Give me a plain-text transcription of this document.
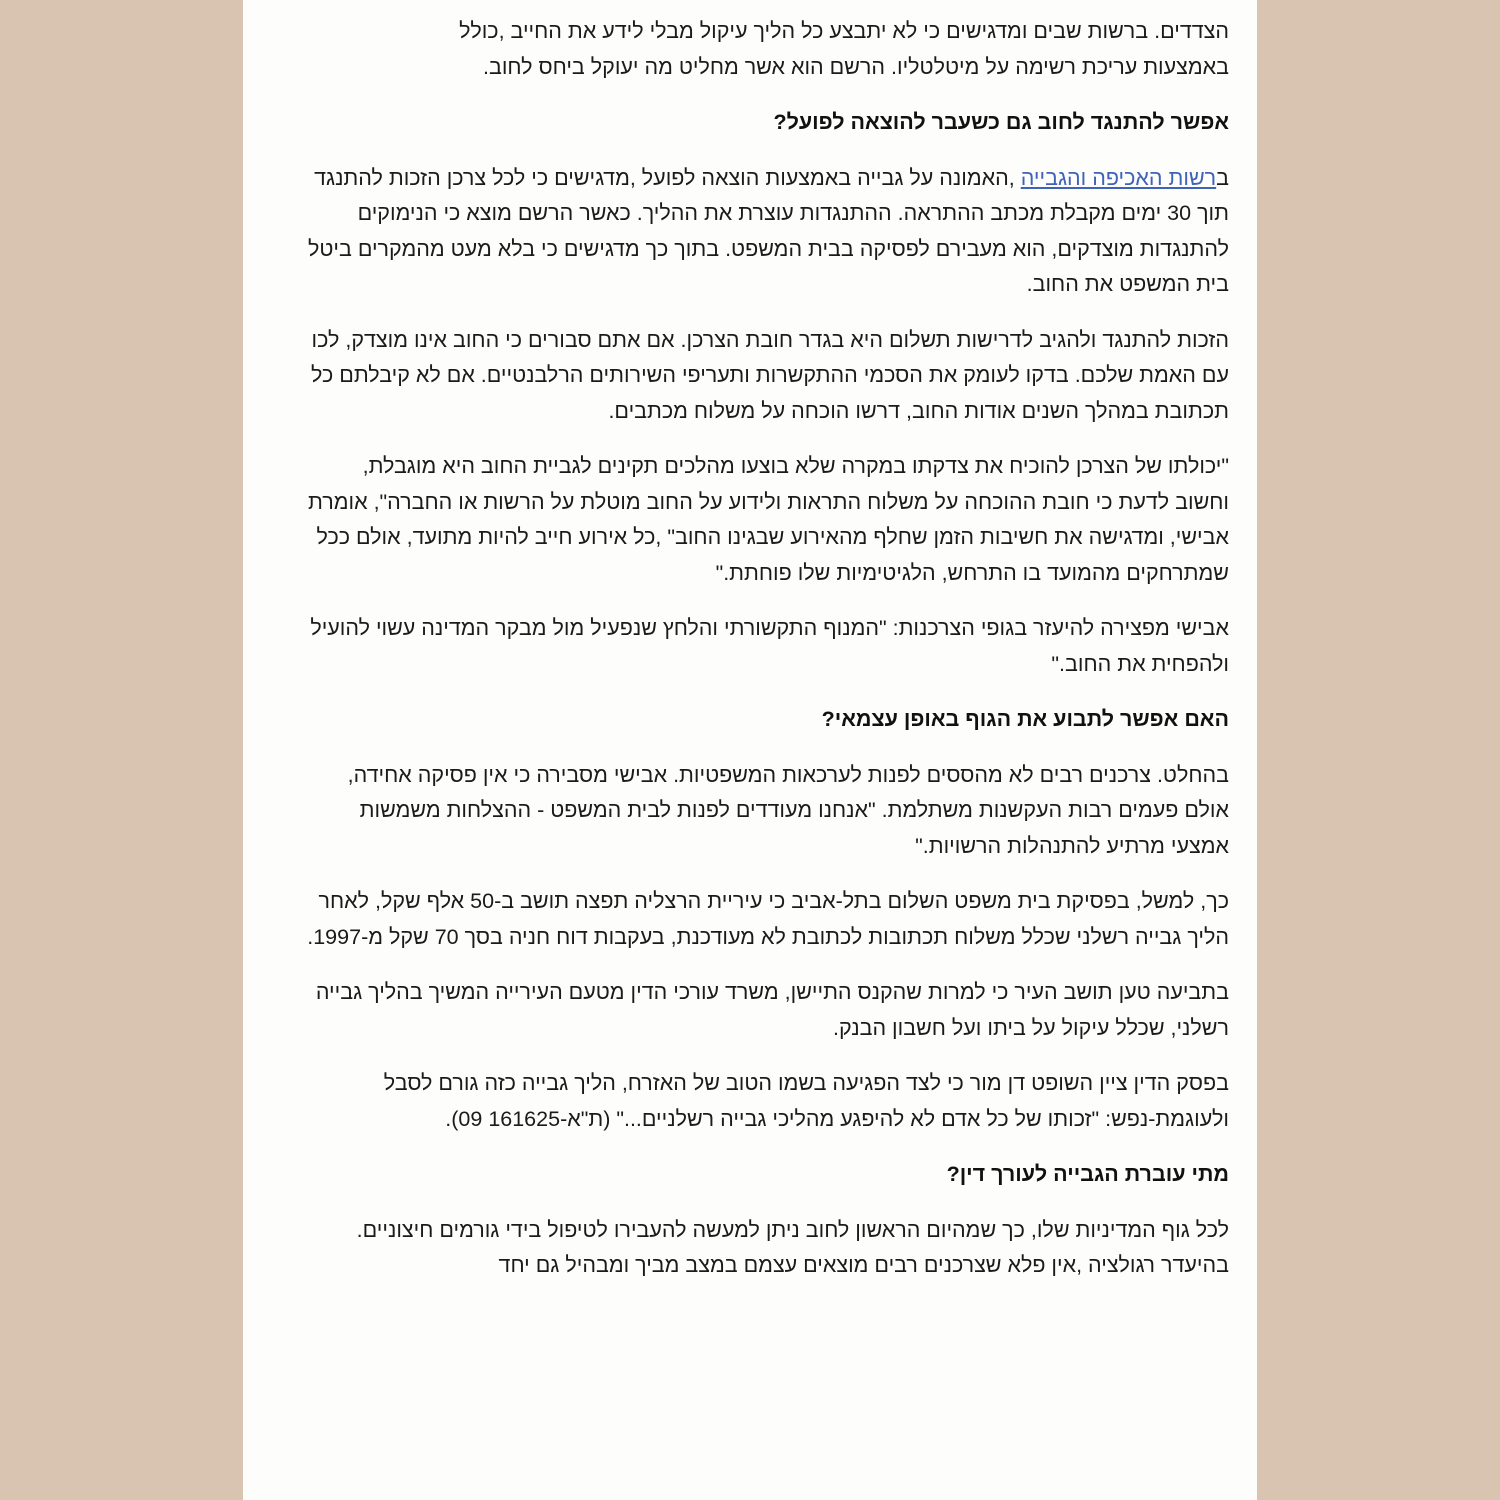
הצדדים. ברשות שבים ומדגישים כי לא יתבצע כל הליך עיקול מבלי לידע את החייב ,כולל
באמצעות עריכת רשימה על מיטלטליו. הרשם הוא אשר מחליט מה יעוקל ביחס לחוב.

אפשר להתנגד לחוב גם כשעבר להוצאה לפועל?

ברשות האכיפה והגבייה ,האמונה על גבייה באמצעות הוצאה לפועל ,מדגישים כי לכל צרכן הזכות להתנגד תוך 30 ימים מקבלת מכתב ההתראה. ההתנגדות עוצרת את ההליך. כאשר הרשם מוצא כי הנימוקים להתנגדות מוצדקים, הוא מעבירם לפסיקה בבית המשפט. בתוך כך מדגישים כי בלא מעט מהמקרים ביטל בית המשפט את החוב.

הזכות להתנגד ולהגיב לדרישות תשלום היא בגדר חובת הצרכן. אם אתם סבורים כי החוב אינו מוצדק, לכו עם האמת שלכם. בדקו לעומק את הסכמי ההתקשרות ותעריפי השירותים הרלבנטיים. אם לא קיבלתם כל תכתובת במהלך השנים אודות החוב, דרשו הוכחה על משלוח מכתבים.

"יכולתו של הצרכן להוכיח את צדקתו במקרה שלא בוצעו מהלכים תקינים לגביית החוב היא מוגבלת, וחשוב לדעת כי חובת ההוכחה על משלוח התראות ולידוע על החוב מוטלת על הרשות או החברה", אומרת אבישי, ומדגישה את חשיבות הזמן שחלף מהאירוע שבגינו החוב" ,כל אירוע חייב להיות מתועד, אולם ככל שמתרחקים מהמועד בו התרחש, הלגיטימיות שלו פוחתת."

אבישי מפצירה להיעזר בגופי הצרכנות: "המנוף התקשורתי והלחץ שנפעיל מול מבקר המדינה עשוי להועיל ולהפחית את החוב."

האם אפשר לתבוע את הגוף באופן עצמאי?

בהחלט. צרכנים רבים לא מהססים לפנות לערכאות המשפטיות. אבישי מסבירה כי אין פסיקה אחידה, אולם פעמים רבות העקשנות משתלמת. "אנחנו מעודדים לפנות לבית המשפט - ההצלחות משמשות אמצעי מרתיע להתנהלות הרשויות."

כך, למשל, בפסיקת בית משפט השלום בתל-אביב כי עיריית הרצליה תפצה תושב ב-50 אלף שקל, לאחר הליך גבייה רשלני שכלל משלוח תכתובות לכתובת לא מעודכנת, בעקבות דוח חניה בסך 70 שקל מ-1997.

בתביעה טען תושב העיר כי למרות שהקנס התיישן, משרד עורכי הדין מטעם העירייה המשיך בהליך גבייה רשלני, שכלל עיקול על ביתו ועל חשבון הבנק.

בפסק הדין ציין השופט דן מור כי לצד הפגיעה בשמו הטוב של האזרח, הליך גבייה כזה גורם לסבל ולעוגמת-נפש: "זכותו של כל אדם לא להיפגע מהליכי גבייה רשלניים..." (ת"א-161625 09).

מתי עוברת הגבייה לעורך דין?

לכל גוף המדיניות שלו, כך שמהיום הראשון לחוב ניתן למעשה להעבירו לטיפול בידי גורמים חיצוניים. בהיעדר רגולציה ,אין פלא שצרכנים רבים מוצאים עצמם במצב מביך ומבהיל גם יחד
